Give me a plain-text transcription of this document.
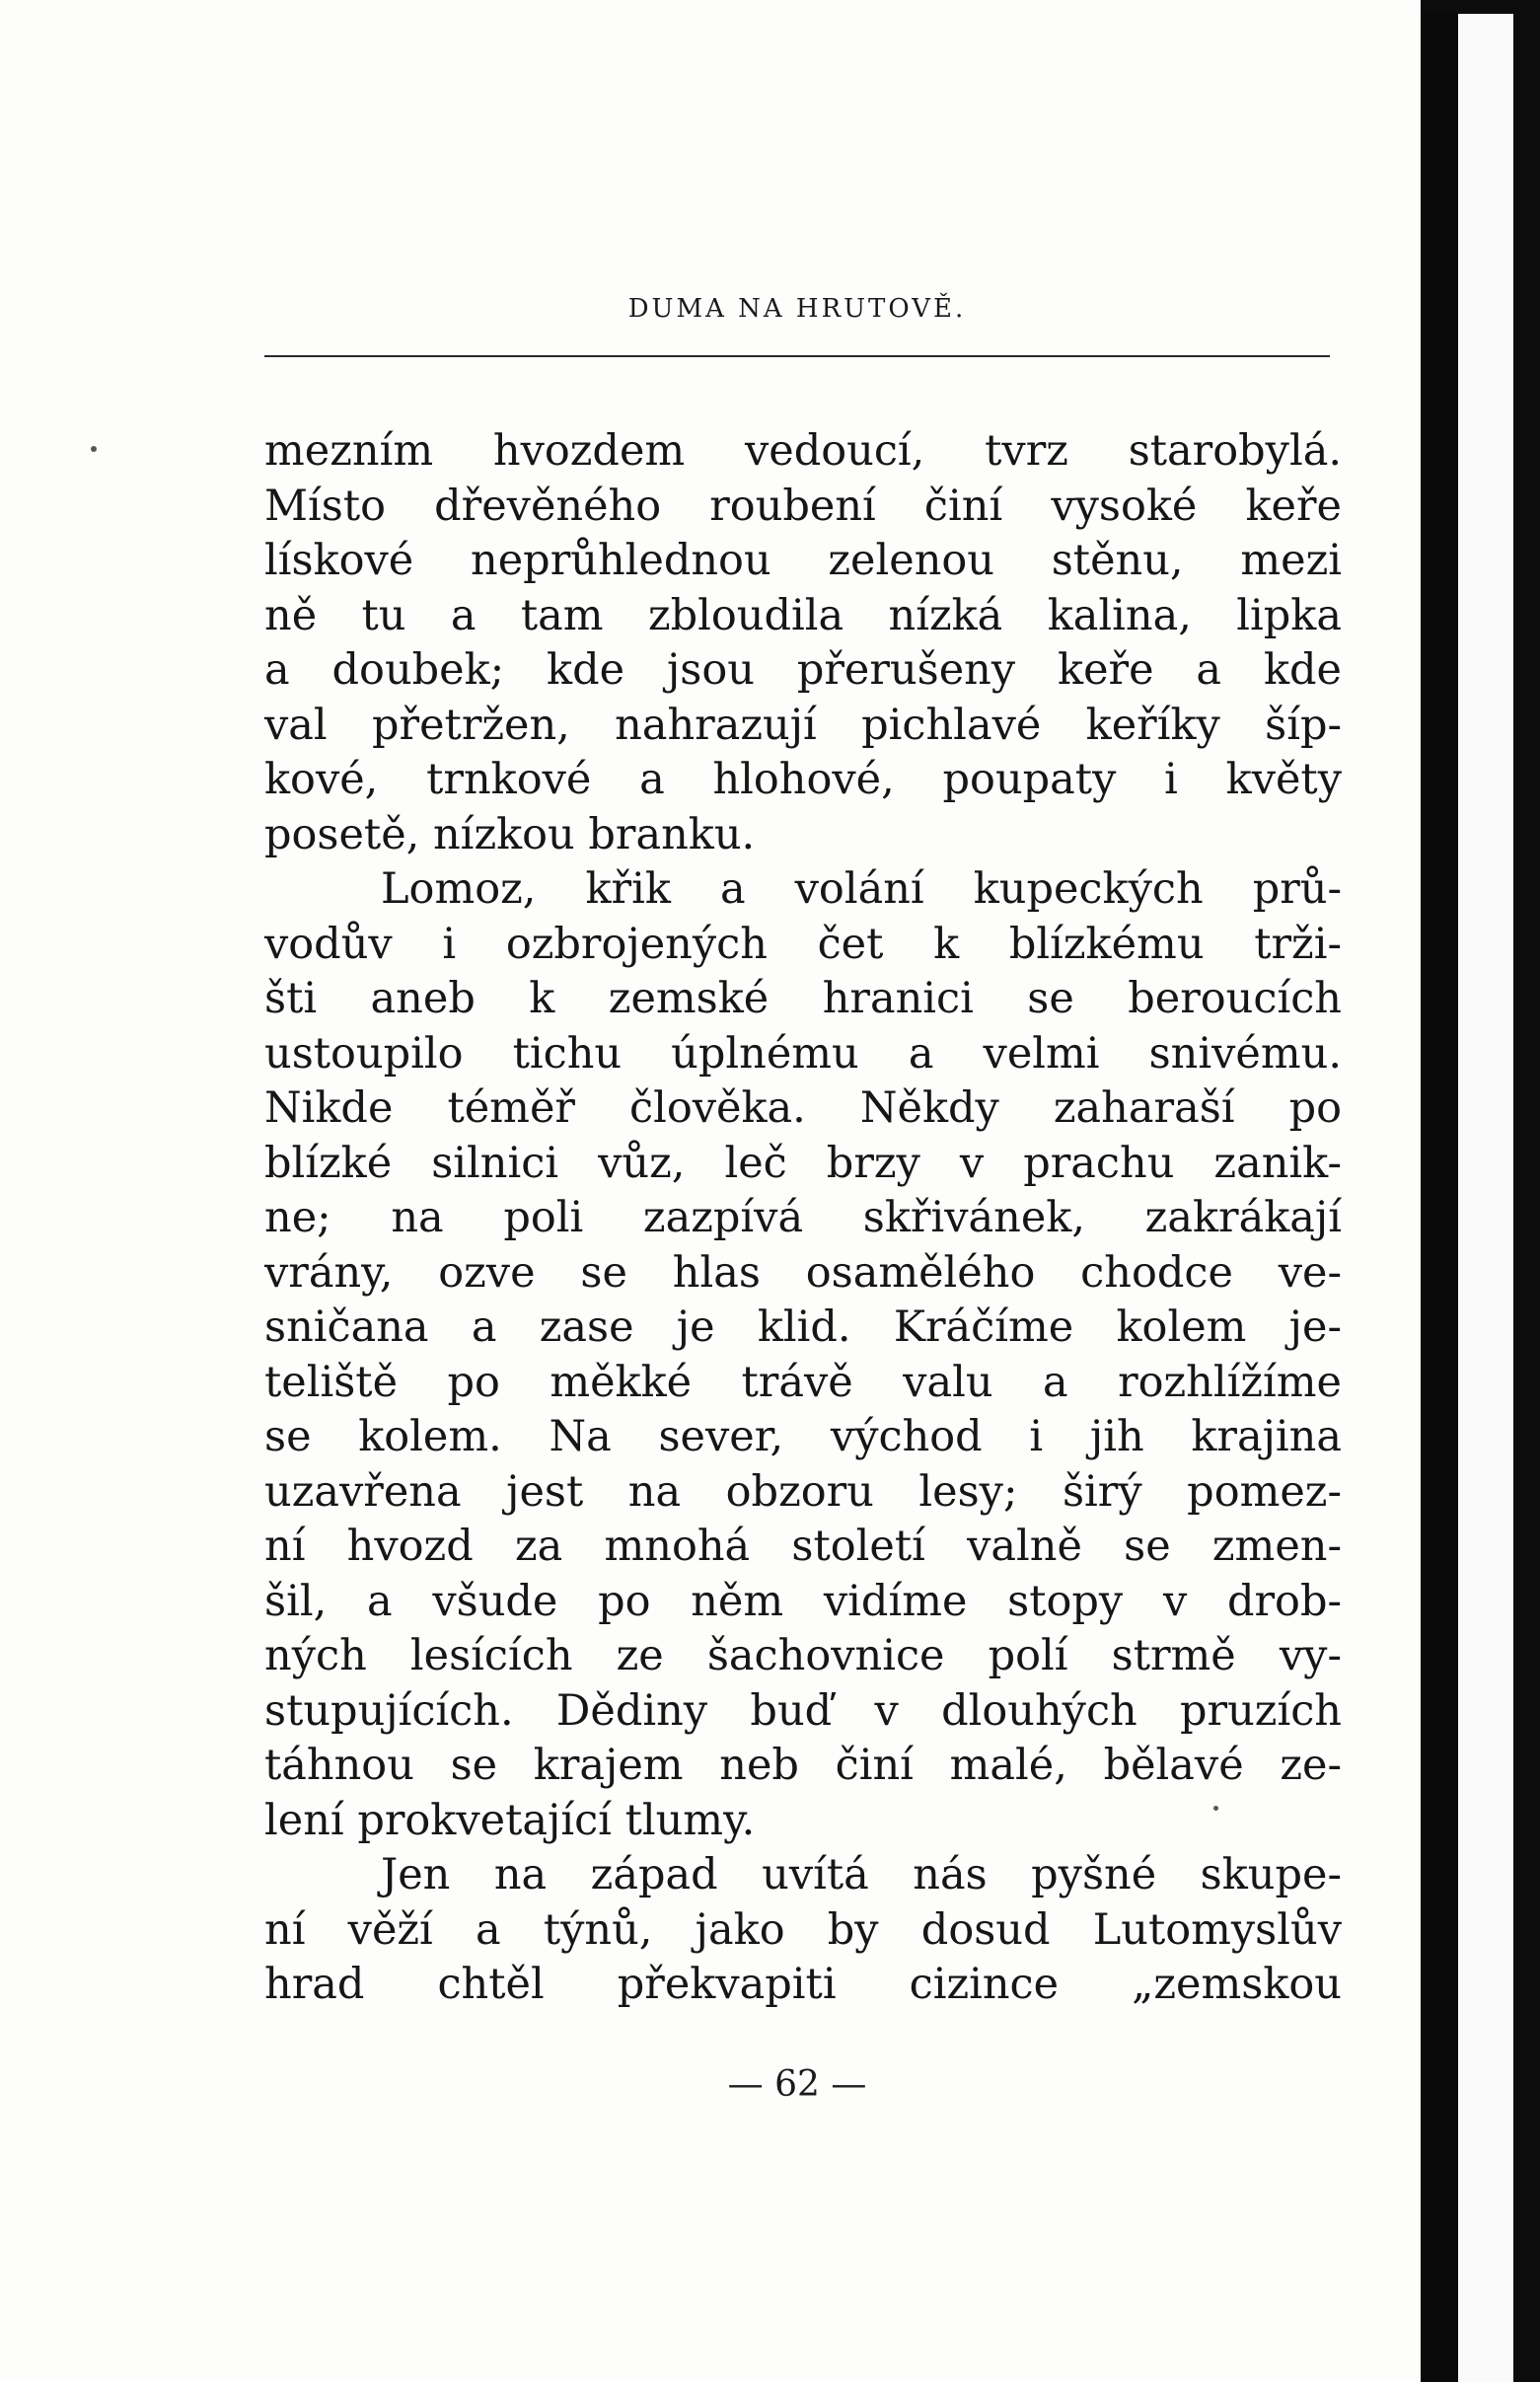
DUMA NA HRUTOVĚ.
mezním hvozdem vedoucí, tvrz starobylá.
Místo dřevěného roubení činí vysoké keře
lískové neprůhlednou zelenou stěnu, mezi
ně tu a tam zbloudila nízká kalina, lipka
a doubek; kde jsou přerušeny keře a kde
val přetržen, nahrazují pichlavé keříky šíp-
kové, trnkové a hlohové, poupaty i květy
posetě, nízkou branku.
Lomoz, křik a volání kupeckých prů-
vodův i ozbrojených čet k blízkému trži-
šti aneb k zemské hranici se beroucích
ustoupilo tichu úplnému a velmi snivému.
Nikde téměř člověka. Někdy zaharaší po
blízké silnici vůz, leč brzy v prachu zanik-
ne; na poli zazpívá skřivánek, zakrákají
vrány, ozve se hlas osamělého chodce ve-
sničana a zase je klid. Kráčíme kolem je-
teliště po měkké trávě valu a rozhlížíme
se kolem. Na sever, východ i jih krajina
uzavřena jest na obzoru lesy; širý pomez-
ní hvozd za mnohá století valně se zmen-
šil, a všude po něm vidíme stopy v drob-
ných lesících ze šachovnice polí strmě vy-
stupujících. Dědiny buď v dlouhých pruzích
táhnou se krajem neb činí malé, bělavé ze-
lení prokvetající tlumy.
Jen na západ uvítá nás pyšné skupe-
ní věží a týnů, jako by dosud Lutomyslův
hrad chtěl překvapiti cizince „zemskou
— 62 —
